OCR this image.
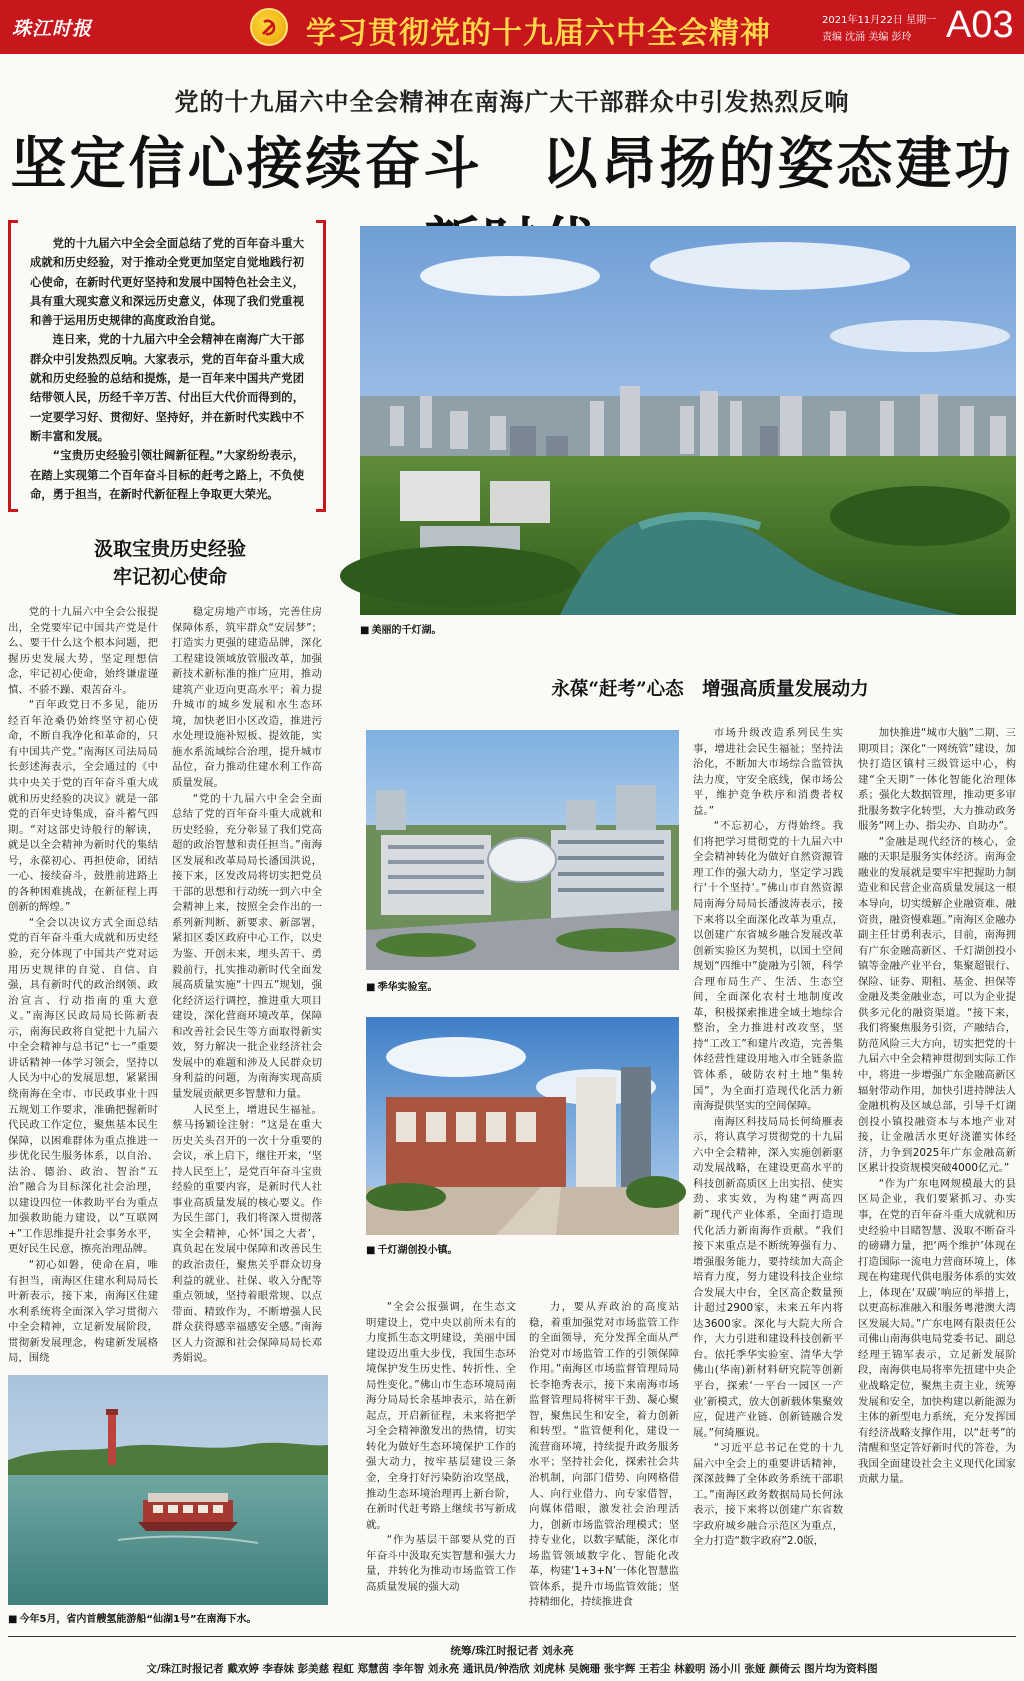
珠江时报	学习贯彻党的十九届六中全会精神	2021年11月22日 星期一
责编 沈涌 美编 彭玲 A03
党的十九届六中全会精神在南海广大干部群众中引发热烈反响
坚定信心接续奋斗　以昂扬的姿态建功

党的十九届六中全会全面总结了党的百年奋斗重大成就和历史经验，对于推动全党更加坚定自觉地践行初心使命，在新时代更好坚持和发展中国特色社会主义，具有重大现实意义和深远历史意义，体现了我们党重视和善于运用历史规律的高度政治自觉。

连日来，党的十九届六中全会精神在南海广大干部群众中引发热烈反响。大家表示，党的百年奋斗重大成就和历史经验的总结和提炼，是一百年来中国共产党团结带领人民，历经千辛万苦、付出巨大代价而得到的，一定要学习好、贯彻好、坚持好，并在新时代实践中不断丰富和发展。

“宝贵历史经验引领壮阔新征程。”大家纷纷表示，在踏上实现第二个百年奋斗目标的赶考之路上，不负使命，勇于担当，在新时代新征程上争取更大荣光。

■ 美丽的千灯湖。
汲取宝贵历史经验
牢记初心使命

党的十九届六中全会公报提出，全党要牢记中国共产党是什么、要干什么这个根本问题，把握历史发展大势，坚定理想信念，牢记初心使命，始终谦虚谨慎、不骄不躁、艰苦奋斗。

“百年政党日不多见，能历经百年沧桑仍始终坚守初心使命，不断自我净化和革命的，只有中国共产党。”南海区司法局局长彭述海表示，全会通过的《中共中央关于党的百年奋斗重大成就和历史经验的决议》就是一部党的百年史诗集成，奋斗蓄气四期。“对这部史诗般行的解读，就是以全会精神为新时代的集结号，永葆初心、再担使命，团结一心、接续奋斗，鼓胜前进路上的各种困难挑战，在新征程上再创新的辉煌。”

“全会以决议方式全面总结党的百年奋斗重大成就和历史经验，充分体现了中国共产党对运用历史规律的自觉、自信、自强，具有新时代的政治纲领、政治宣言、行动指南的重大意义。”南海区民政局局长陈新表示，南海民政将自觉把十九届六中全会精神与总书记“七一”重要讲话精神一体学习领会，坚持以人民为中心的发展思想，紧紧围绕南海在全市、市民政事业十四五规划工作要求，准确把握新时代民政工作定位，聚焦基本民生保障，以困难群体为重点推进一步优化民生服务体系，以自治、法治、德治、政治、智治“五治”融合为目标深化社会治理，以建设四位一体救助平台为重点加强救助能力建设，以“互联网+”工作思维提升社会事务水平，更好民生民意，擦亮治理品牌。

“初心如磐，使命在肩，唯有担当，南海区住建水利局局长叶新表示，接下来，南海区住建水利系统将全面深入学习贯彻六中全会精神，立足新发展阶段，贯彻新发展理念，构建新发展格局，围绕

稳定房地产市场，完善住房保障体系，筑牢群众“安居梦”；打造实力更强的建造品牌，深化工程建设领域放管服改革，加强新技术新标准的推广应用，推动建筑产业迈向更高水平；着力提升城市的城乡发展和水生态环境，加快老旧小区改造，推进污水处理设施补短板、提效能，实施水系流域综合治理，提升城市品位，奋力推动住建水利工作高质量发展。

“党的十九届六中全会全面总结了党的百年奋斗重大成就和历史经验，充分彰显了我们党高超的政治智慧和责任担当。”南海区发展和改革局局长潘国洪说，接下来，区发改局将切实把党员干部的思想和行动统一到六中全会精神上来，按照全会作出的一系列新判断、新要求、新部署，紧扣区委区政府中心工作，以史为鉴、开创未来，埋头苦干、勇毅前行，扎实推动新时代全面发展高质量实施“十四五”规划，强化经济运行调控，推进重大项目建设，深化营商环境改革，保障和改善社会民生等方面取得新实效，努力解决一批企业经济社会发展中的难题和涉及人民群众切身利益的问题，为南海实现高质量发展贡献更多智慧和力量。

人民至上，增进民生福祉。蔡马扬颖诠注射：“这是在重大历史关头召开的一次十分重要的会议，承上启下，继往开来，‘坚持人民至上’，是党百年奋斗宝贵经验的重要内容，是新时代人社事业高质量发展的核心要义。作为民生部门，我们将深入贯彻落实全会精神，心怀‘国之大者’，真负起在发展中保障和改善民生的政治责任，聚焦关乎群众切身利益的就业、社保、收入分配等重点领域，坚持着眼常规、以点带面、精致作为，不断增强人民群众获得感幸福感安全感。”南海区人力资源和社会保障局局长邓秀娟说。

永葆“赶考”心态　增强高质量发展动力
■ 季华实验室。
■ 千灯湖创投小镇。
■ 今年5月，省内首艘氢能游船“仙湖1号”在南海下水。

“全会公报强调，在生态文明建设上，党中央以前所未有的力度抓生态文明建设，美丽中国建设迈出重大步伐，我国生态环境保护发生历史性、转折性、全局性变化。”佛山市生态环境局南海分局局长余基坤表示，站在新起点，开启新征程，未来将把学习全会精神激发出的热情，切实转化为做好生态环境保护工作的强大动力，按牢基层建设三条金，全身打好污染防治攻坚战，推动生态环境治理再上新台阶，在新时代赶考路上继续书写新成就。

“作为基层干部要从党的百年奋斗中汲取充实智慧和强大力量，并转化为推动市场监管工作高质量发展的强大动

力，要从弃政治的高度站稳，着重加强党对市场监管工作的全面领导，充分发挥全面从严治党对市场监管工作的引领保障作用。”南海区市场监督管理局局长李艳秀表示，接下来南海市场监督管理局将树牢干劲、凝心聚智，聚焦民生和安全，着力创新和转型。“监管便利化，建设一流营商环境，持续提升政务服务水平；坚持社会化，探索社会共治机制，向部门借势、向网格借人、向行业借力、向专家借智，向媒体借眼，激发社会治理活力，创新市场监管治理模式；坚持专业化，以数字赋能，深化市场监管领域数字化、智能化改革，构建‘1+3+N’一体化智慧监管体系，提升市场监管效能；坚持精细化，持续推进食

市场升级改造系列民生实事，增进社会民生福祉；坚持法治化，不断加大市场综合监管执法力度，守安全底线，保市场公平，维护竞争秩序和消费者权益。”

“不忘初心，方得始终。我们将把学习贯彻党的十九届六中全会精神转化为做好自然资源管理工作的强大动力，坚定学习践行‘十个坚持’。”佛山市自然资源局南海分局局长潘波涛表示，接下来将以全面深化改革为重点，以创建广东省城乡融合发展改革创新实验区为契机，以国土空间规划“四维中”旋融为引领，科学合理布局生产、生活、生态空间，全面深化农村土地制度改革，积极探索推进全域土地综合整治，全力推进村改攻坚，坚持“工改工”和建片改造，完善集体经营性建设用地入市全链条监管体系，破防农村土地“集转国”，为全面打造现代化活力新南海提供坚实的空间保障。

南海区科技局局长何绮雁表示，将认真学习贯彻党的十九届六中全会精神，深入实施创新驱动发展战略，在建设更高水平的科技创新高质区上出实招、使实劲、求实效，为构建“两高四新”现代产业体系，全面打造现代化活力新南海作贡献。“我们接下来重点是不断统筹强有力、增强服务能力，要持续加大高企培育力度，努力建设科技企业综合发展大中台，全区高企数量预计超过2900家，未来五年内将达3600家。深化与大院大所合作，大力引进和建设科技创新平台。依托季华实验室、清华大学佛山(华南)新材料研究院等创新平台，探索‘一平台一园区一产业’新模式，放大创新载体集聚效应，促进产业链、创新链融合发展。”何绮雁说。

“习近平总书记在党的十九届六中全会上的重要讲话精神，深深鼓舞了全体政务系统干部职工。”南海区政务数据局局长何泳表示，接下来将以创建广东省数字政府城乡融合示范区为重点，全力打造“数字政府”2.0版，

加快推进“城市大脑”二期、三期项目；深化“一网统管”建设，加快打造区镇村三级管运中心，构建“全天期”一体化智能化治理体系；强化大数据管理，推动更多审批服务数字化转型，大力推动政务服务“网上办、指尖办、自助办”。

“金融是现代经济的核心，金融的天职是服务实体经济。南海金融业的发展就是要牢牢把握助力制造业和民营企业高质量发展这一根本导向，切实缓解企业融资难、融资贵，融资慢难题。”南海区金融办副主任甘勇利表示，目前，南海拥有广东金融高新区、千灯湖创投小镇等金融产业平台，集聚超银行、保险、证券、期租、基金、担保等金融及类金融业态，可以为企业提供多元化的融资渠道。“接下来，我们将聚焦服务引资，产融结合，防范风险三大方向，切实把党的十九届六中全会精神贯彻到实际工作中，将进一步增强广东金融高新区辐射带动作用，加快引进持牌法人金融机构及区域总部，引导千灯湖创投小镇投融资本与本地产业对接，让金融活水更好浇灌实体经济，力争到2025年广东金融高新区累计投资规模突破4000亿元。”

“作为广东电网规模最大的县区局企业，我们要紧抓习、办实事，在党的百年奋斗重大成就和历史经验中目睹智慧、汲取不断奋斗的磅礴力量，把‘两个维护’体现在打造国际一流电力营商环境上，体现在构建现代供电服务体系的实效上，体现在‘双碳’响应的举措上，以更高标准融入和服务粤港澳大湾区发展大局。”广东电网有限责任公司佛山南海供电局党委书记、副总经理王锦军表示，立足新发展阶段，南海供电局将率先扭建中央企业战略定位，聚焦主责主业，统筹发展和安全，加快构建以新能源为主体的新型电力系统，充分发挥国有经济战略支撑作用，以“赶考”的清醒和坚定答好新时代的答卷，为我国全面建设社会主义现代化国家贡献力量。

统筹/珠江时报记者 刘永亮
文/珠江时报记者 戴欢婷 李春妹 彭美慈 程虹 郑慧茵 李年智 刘永亮 通讯员/钟浩欣 刘虎林 吴婉珊 张宇辉 王若尘 林毅明 汤小川 张娅 颜倚云 图片均为资料图
